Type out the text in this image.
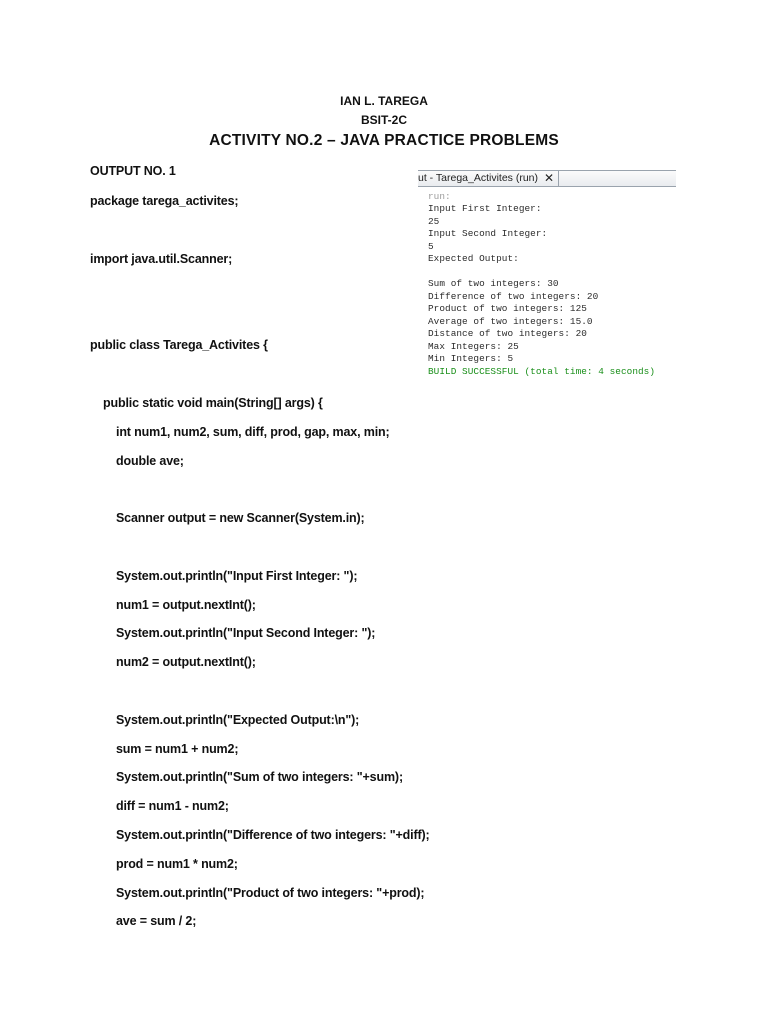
IAN L. TAREGA
BSIT-2C
ACTIVITY NO.2 – JAVA PRACTICE PROBLEMS
OUTPUT NO. 1
package tarega_activites;
import java.util.Scanner;
public class Tarega_Activites {
public static void main(String[] args) {
int num1, num2, sum, diff, prod, gap, max, min;
double ave;
Scanner output = new Scanner(System.in);
System.out.println("Input First Integer: ");
num1 = output.nextInt();
System.out.println("Input Second Integer: ");
num2 = output.nextInt();
System.out.println("Expected Output:\n");
sum = num1 + num2;
System.out.println("Sum of two integers: "+sum);
diff = num1 - num2;
System.out.println("Difference of two integers: "+diff);
prod = num1 * num2;
System.out.println("Product of two integers: "+prod);
ave = sum / 2;
ut - Tarega_Activites (run) ✕
run:
Input First Integer:
25
Input Second Integer:
5
Expected Output:
Sum of two integers: 30
Difference of two integers: 20
Product of two integers: 125
Average of two integers: 15.0
Distance of two integers: 20
Max Integers: 25
Min Integers: 5
BUILD SUCCESSFUL (total time: 4 seconds)
